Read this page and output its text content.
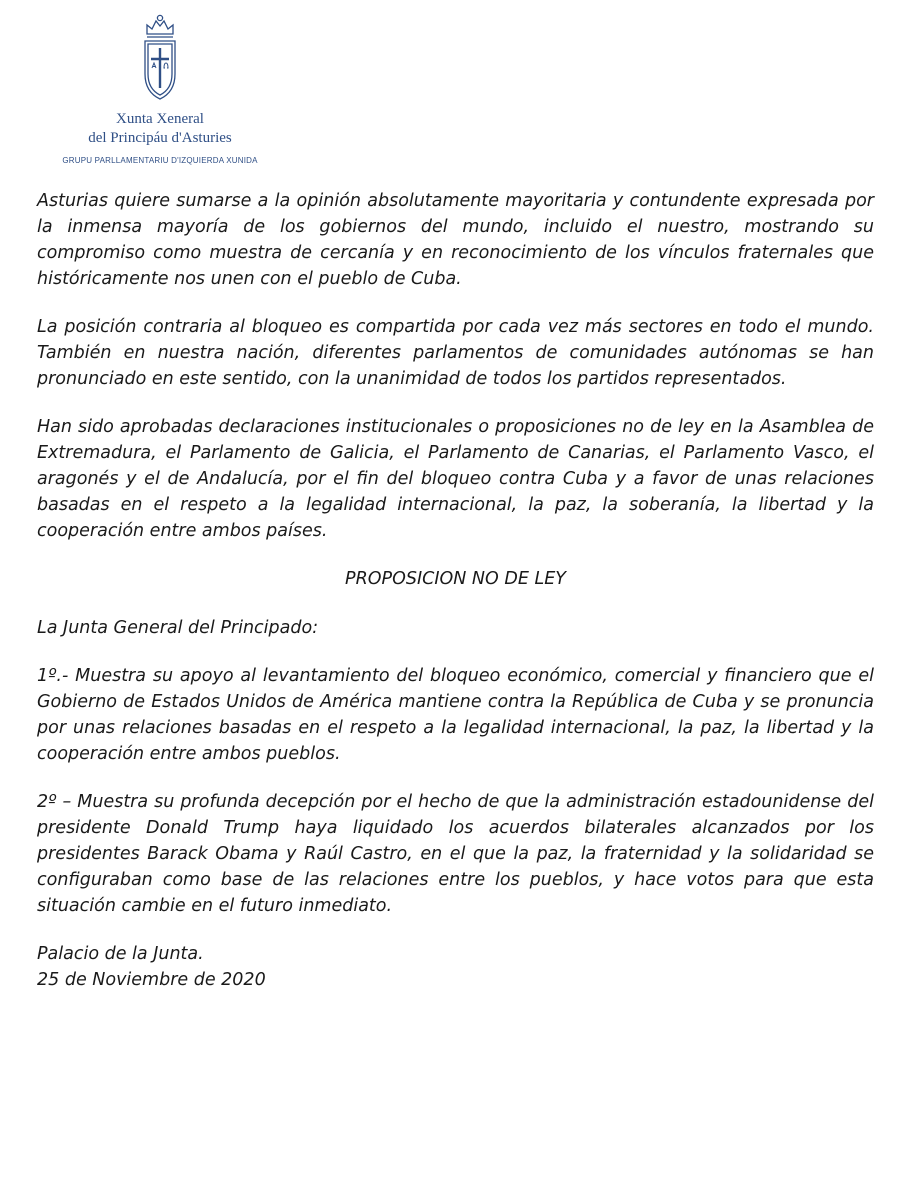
Xunta Xeneral
del Principáu d'Asturies
GRUPU PARLLAMENTARIU D'IZQUIERDA XUNIDA

Asturias quiere sumarse a la opinión absolutamente mayoritaria y contundente expresada por la inmensa mayoría de los gobiernos del mundo, incluido el nuestro, mostrando su compromiso como muestra de cercanía y en reconocimiento de los vínculos fraternales que históricamente nos unen con el pueblo de Cuba.

La posición contraria al bloqueo es compartida por cada vez más sectores en todo el mundo. También en nuestra nación, diferentes parlamentos de comunidades autónomas se han pronunciado en este sentido, con la unanimidad de todos los partidos representados.

Han sido aprobadas declaraciones institucionales o proposiciones no de ley en la Asamblea de Extremadura, el Parlamento de Galicia, el Parlamento de Canarias, el Parlamento Vasco, el aragonés y el de Andalucía, por el fin del bloqueo contra Cuba y a favor de unas relaciones basadas en el respeto a la legalidad internacional, la paz, la soberanía, la libertad y la cooperación entre ambos países.

PROPOSICION NO DE LEY

La Junta General del Principado:

1º.- Muestra su apoyo al levantamiento del bloqueo económico, comercial y financiero que el Gobierno de Estados Unidos de América mantiene contra la República de Cuba y se pronuncia por unas relaciones basadas en el respeto a la legalidad internacional, la paz, la libertad y la cooperación entre ambos pueblos.

2º – Muestra su profunda decepción por el hecho de que la administración estadounidense del presidente Donald Trump haya liquidado los acuerdos bilaterales alcanzados por los presidentes Barack Obama y Raúl Castro, en el que la paz, la fraternidad y la solidaridad se configuraban como base de las relaciones entre los pueblos, y hace votos para que esta situación cambie en el futuro inmediato.

Palacio de la Junta.

25 de Noviembre de 2020
